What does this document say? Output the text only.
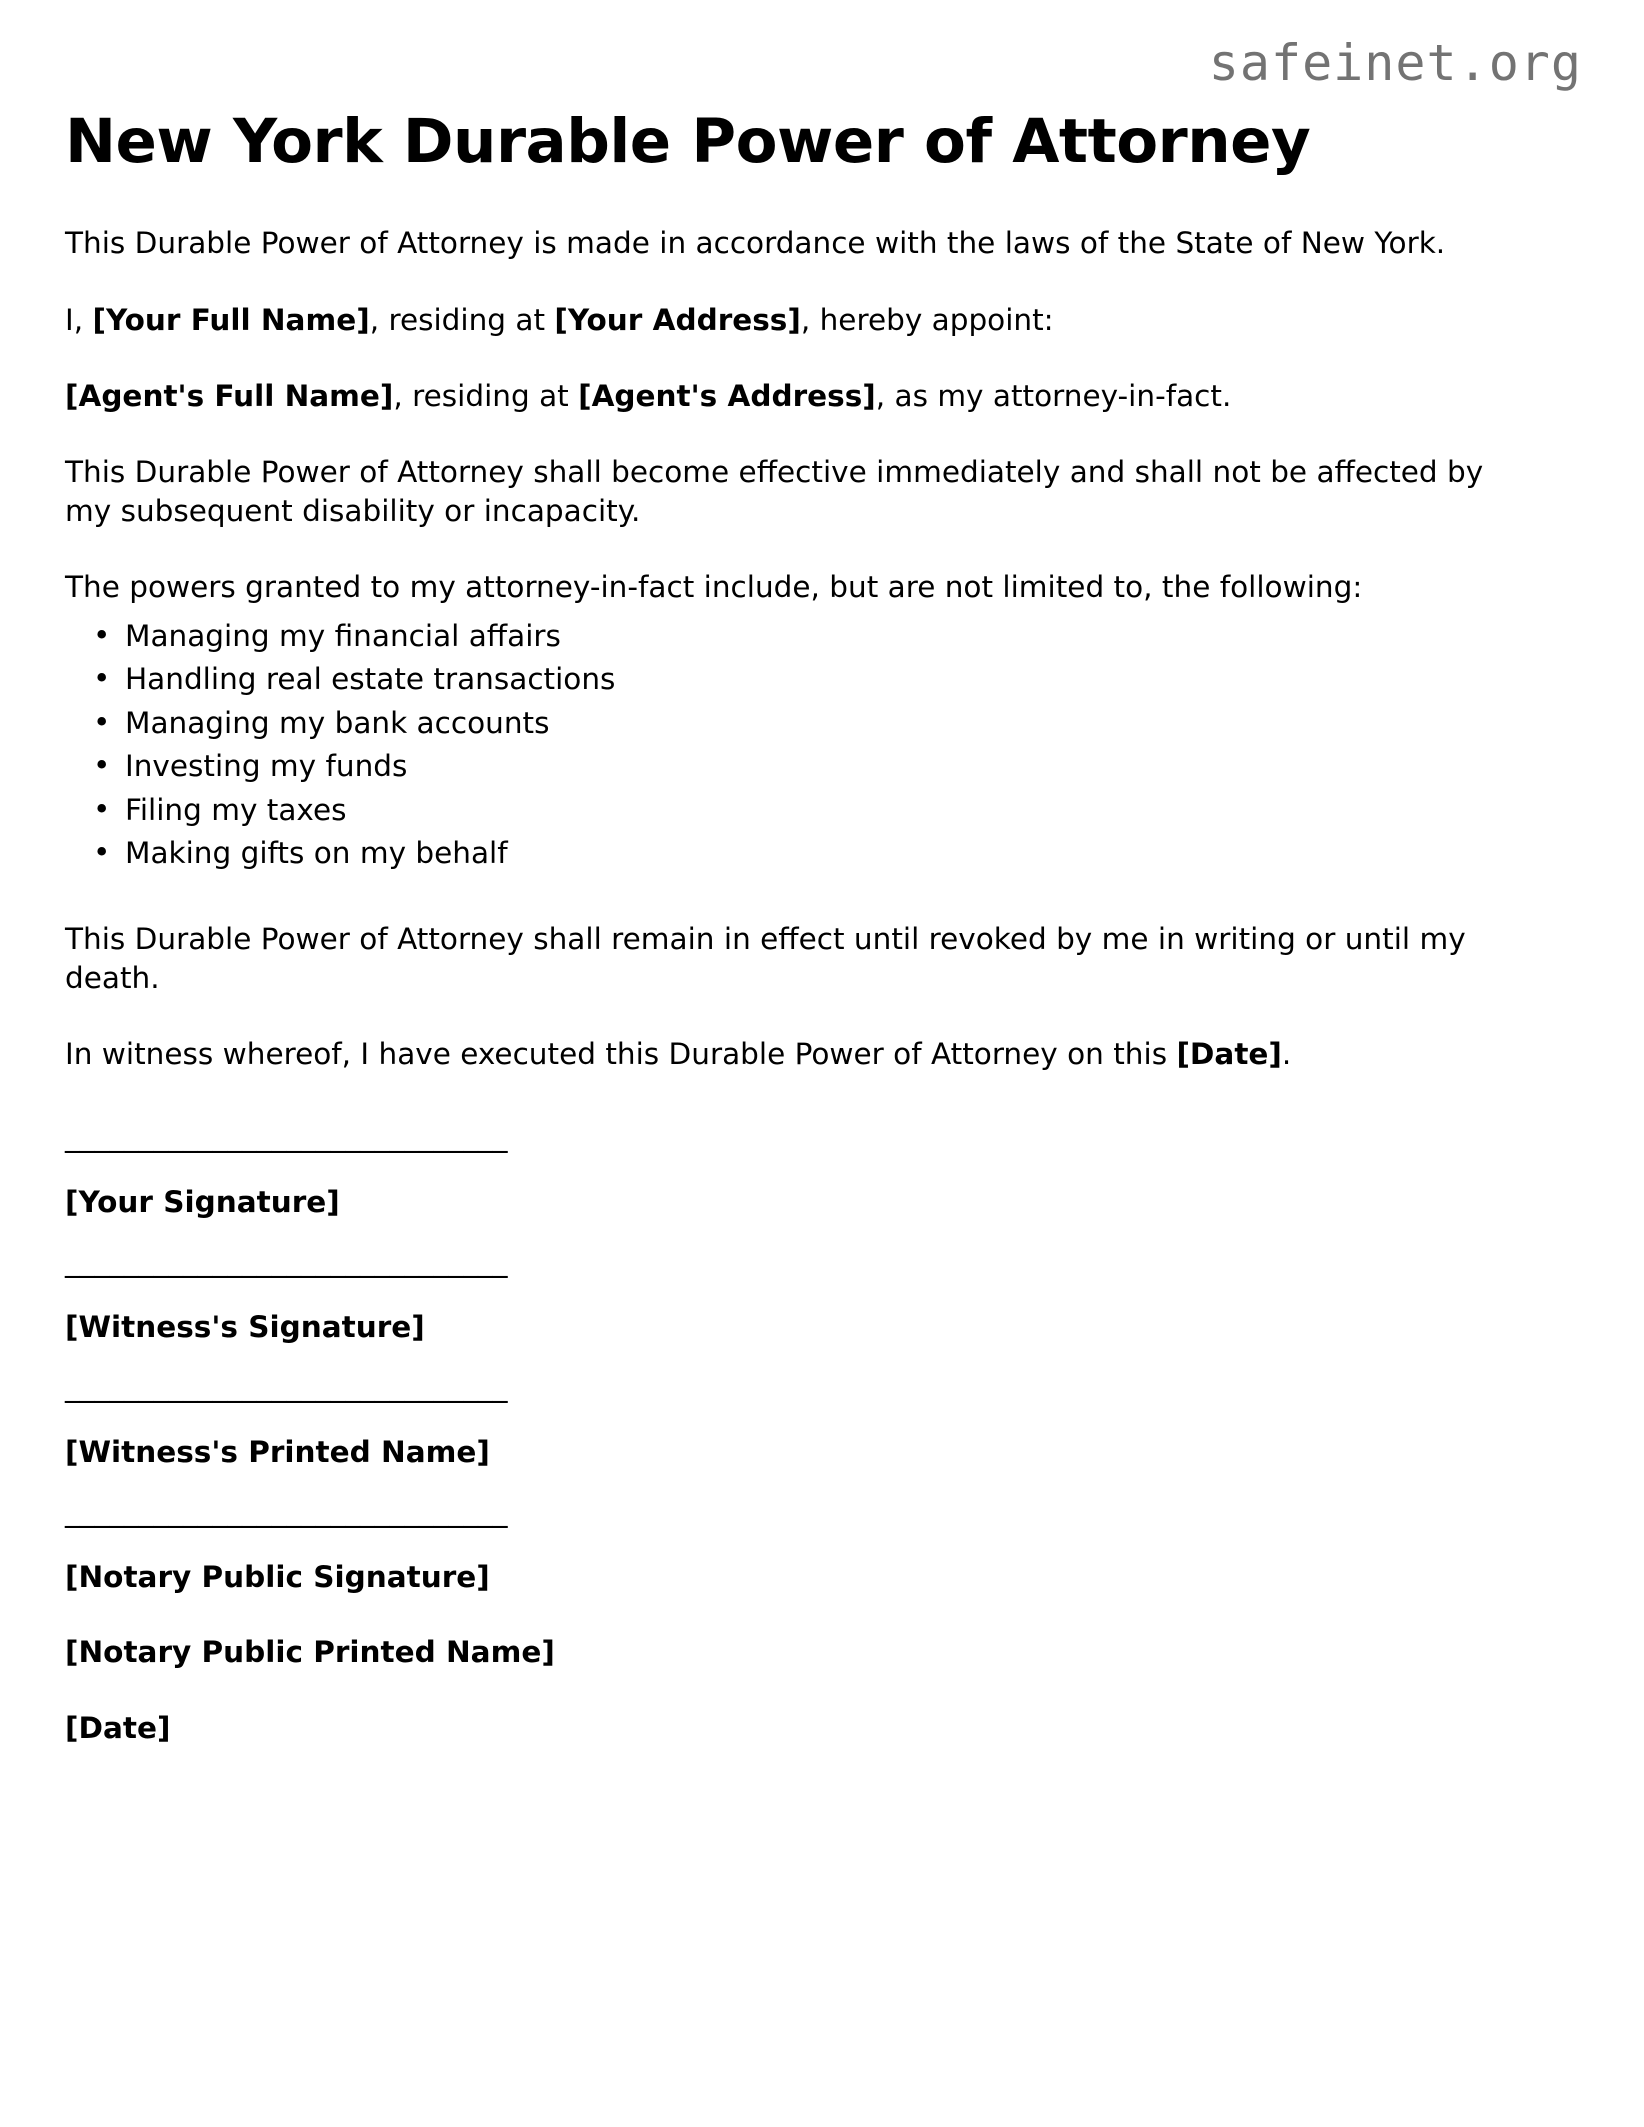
safeinet.org
New York Durable Power of Attorney

This Durable Power of Attorney is made in accordance with the laws of the State of New York.

I, [Your Full Name], residing at [Your Address], hereby appoint:

[Agent's Full Name], residing at [Agent's Address], as my attorney-in-fact.

This Durable Power of Attorney shall become effective immediately and shall not be affected by my subsequent disability or incapacity.

The powers granted to my attorney-in-fact include, but are not limited to, the following:

• Managing my financial affairs
• Handling real estate transactions
• Managing my bank accounts
• Investing my funds
• Filing my taxes
• Making gifts on my behalf

This Durable Power of Attorney shall remain in effect until revoked by me in writing or until my death.

In witness whereof, I have executed this Durable Power of Attorney on this [Date].

______________________________
[Your Signature]
______________________________
[Witness's Signature]
______________________________
[Witness's Printed Name]
______________________________
[Notary Public Signature]
[Notary Public Printed Name]
[Date]
